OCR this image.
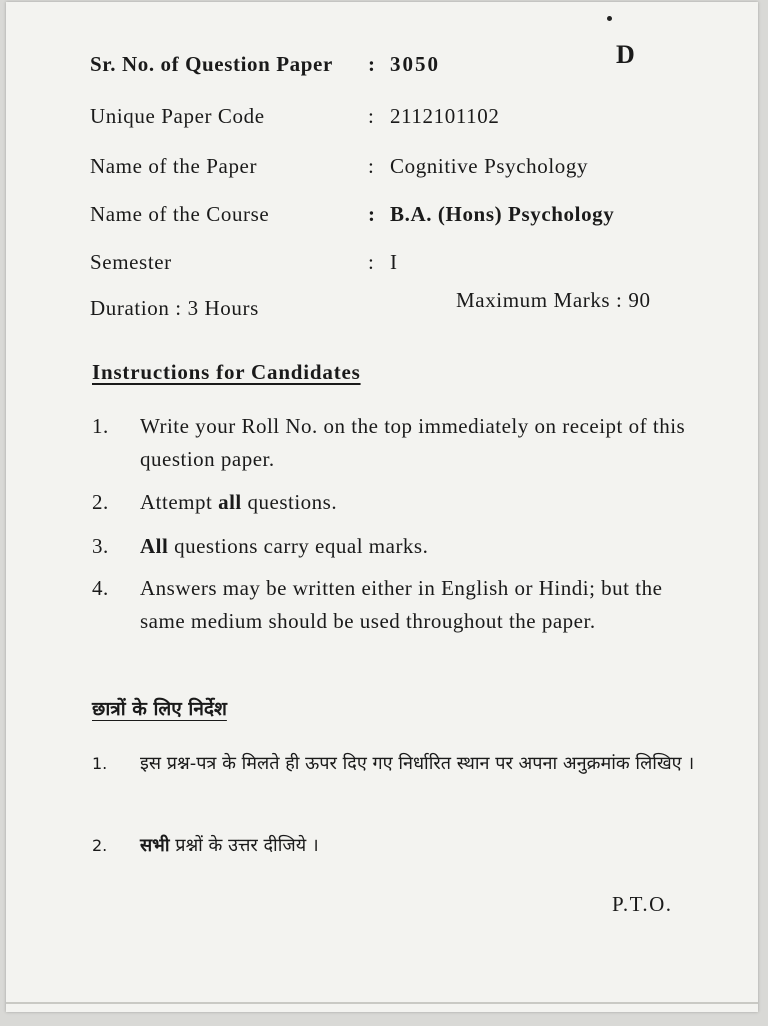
D
Sr. No. of Question Paper : 3050
Unique Paper Code	: 2112101102
Name of the Paper	: Cognitive Psychology
Name of the Course	: B.A. (Hons) Psychology
Semester	: I
Duration : 3 Hours	Maximum Marks : 90
Instructions for Candidates
1. Write your Roll No. on the top immediately on receipt of this question paper.
2. Attempt all questions.
3. All questions carry equal marks.
4. Answers may be written either in English or Hindi; but the same medium should be used throughout the paper.
छात्रों के लिए निर्देश
1. इस प्रश्न-पत्र के मिलते ही ऊपर दिए गए निर्धारित स्थान पर अपना अनुक्रमांक लिखिए ।
2. सभी प्रश्नों के उत्तर दीजिये ।
P.T.O.
